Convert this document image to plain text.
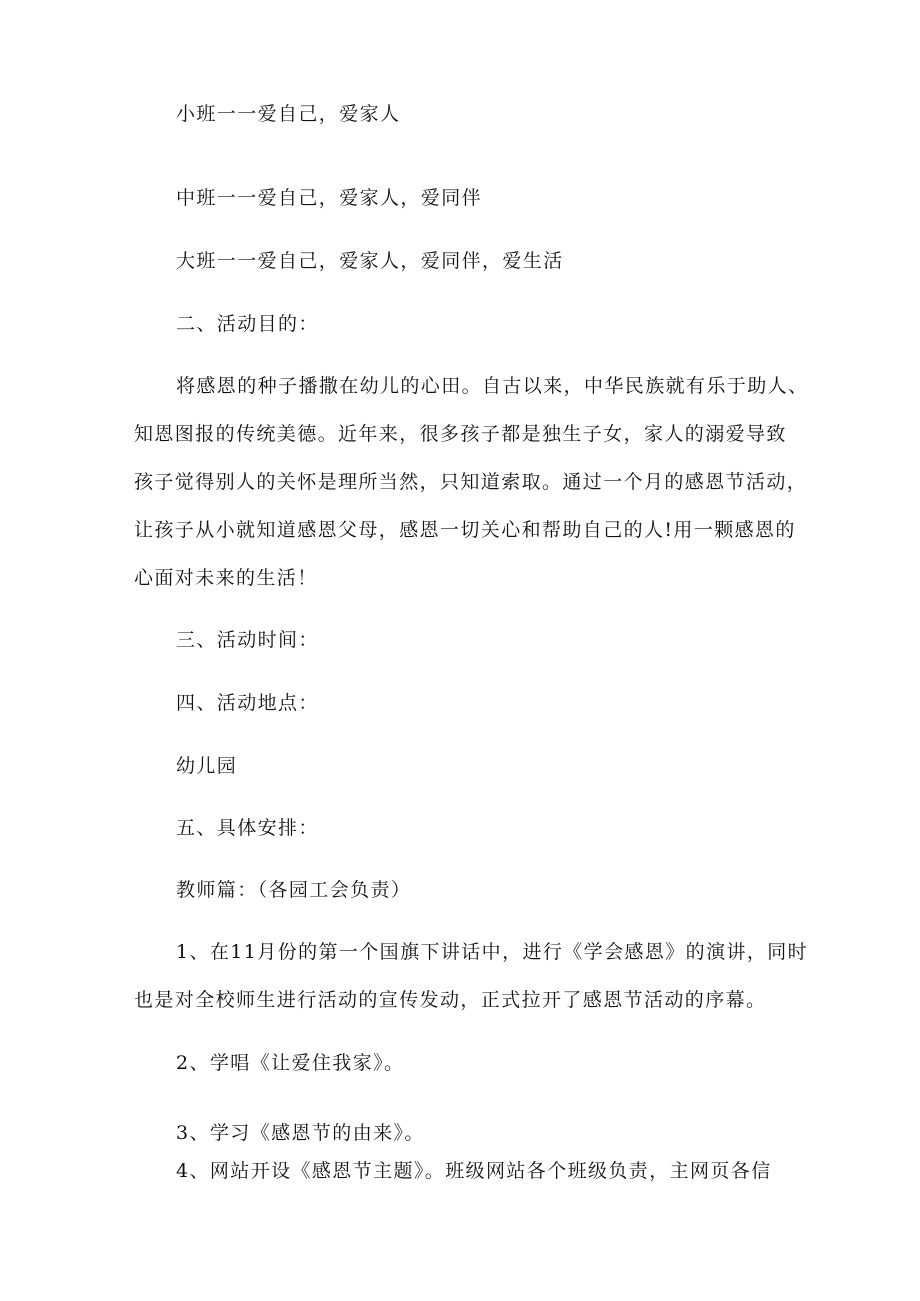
小班一一爱自己，爱家人
中班一一爱自己，爱家人，爱同伴
大班一一爱自己，爱家人，爱同伴，爱生活
二、活动目的：
将感恩的种子播撒在幼儿的心田。自古以来，中华民族就有乐于助人、
知恩图报的传统美德。近年来，很多孩子都是独生子女，家人的溺爱导致
孩子觉得别人的关怀是理所当然，只知道索取。通过一个月的感恩节活动，
让孩子从小就知道感恩父母，感恩一切关心和帮助自己的人!用一颗感恩的
心面对未来的生活！
三、活动时间：
四、活动地点：
幼儿园
五、具体安排：
教师篇：（各园工会负责）
1、在11月份的第一个国旗下讲话中，进行《学会感恩》的演讲，同时
也是对全校师生进行活动的宣传发动，正式拉开了感恩节活动的序幕。
2、学唱《让爱住我家》。
3、学习《感恩节的由来》。
4、网站开设《感恩节主题》。班级网站各个班级负责，主网页各信
